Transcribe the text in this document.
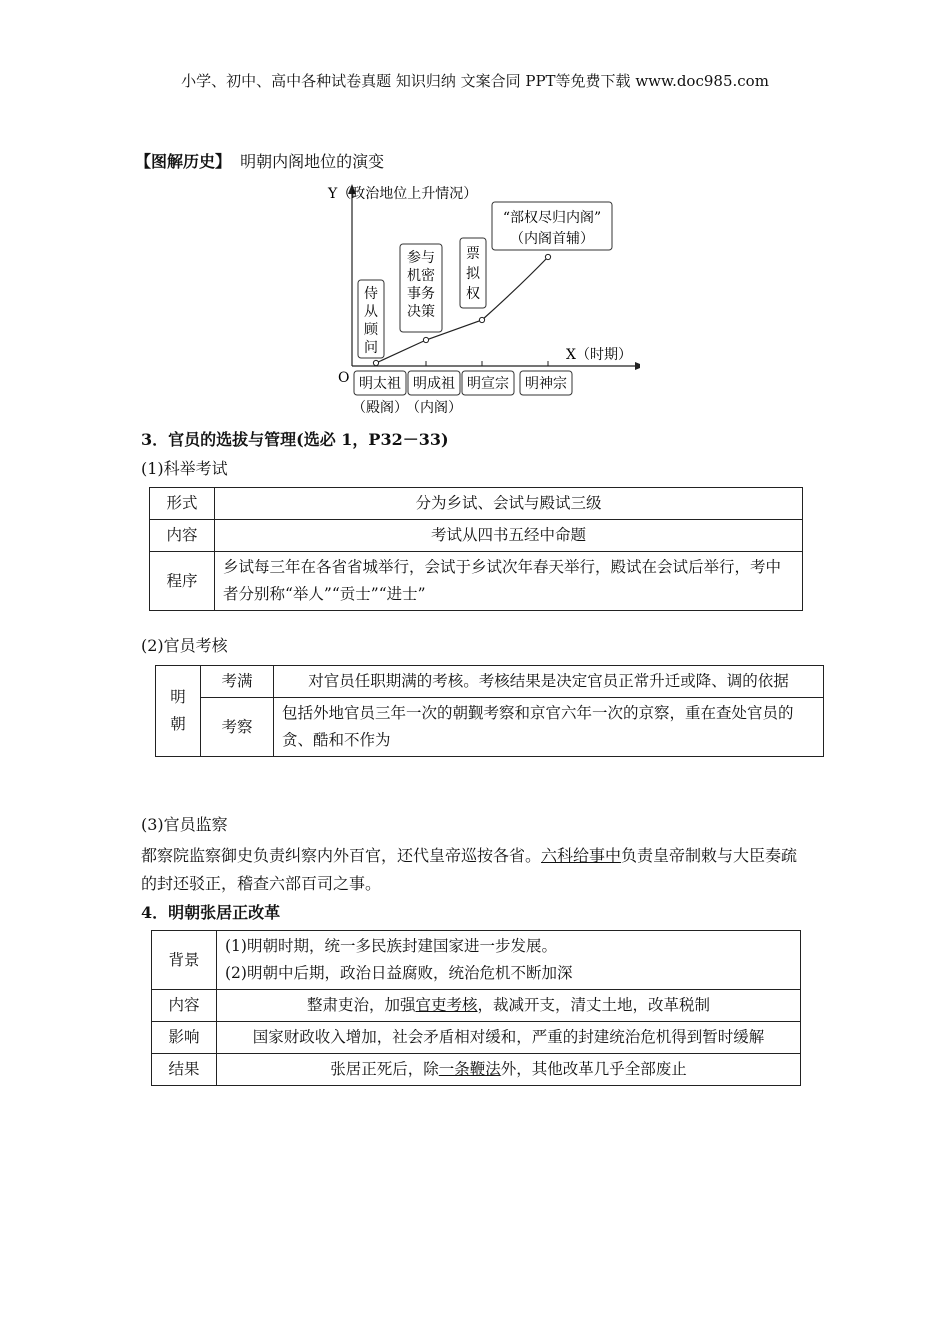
小学、初中、高中各种试卷真题 知识归纳 文案合同 PPT等免费下载 www.doc985.com
【图解历史】 明朝内阁地位的演变
Y（政治地位上升情况）
X（时期）
O
侍从顾问
参与机密事务决策
票拟权
“部权尽归内阁”
（内阁首辅）
明太祖 明成祖 明宣宗 明神宗
（殿阁）
（内阁）
3．官员的选拔与管理(选必 1，P32－33)
(1)科举考试
形式	分为乡试、会试与殿试三级
内容	考试从四书五经中命题
程序	乡试每三年在各省省城举行，会试于乡试次年春天举行，殿试在会试后举行，考中者分别称“举人”“贡士”“进士”
(2)官员考核
明
朝	考满	对官员任职期满的考核。考核结果是决定官员正常升迁或降、调的依据
	考察	包括外地官员三年一次的朝觐考察和京官六年一次的京察，重在查处官员的贪、酷和不作为
(3)官员监察
都察院监察御史负责纠察内外百官，还代皇帝巡按各省。六科给事中负责皇帝制敕与大臣奏疏的封还驳正，稽查六部百司之事。
4．明朝张居正改革
背景	(1)明朝时期，统一多民族封建国家进一步发展。
(2)明朝中后期，政治日益腐败，统治危机不断加深

内容	整肃吏治，加强官吏考核，裁减开支，清丈土地，改革税制
影响	国家财政收入增加，社会矛盾相对缓和，严重的封建统治危机得到暂时缓解
结果	张居正死后，除一条鞭法外，其他改革几乎全部废止
